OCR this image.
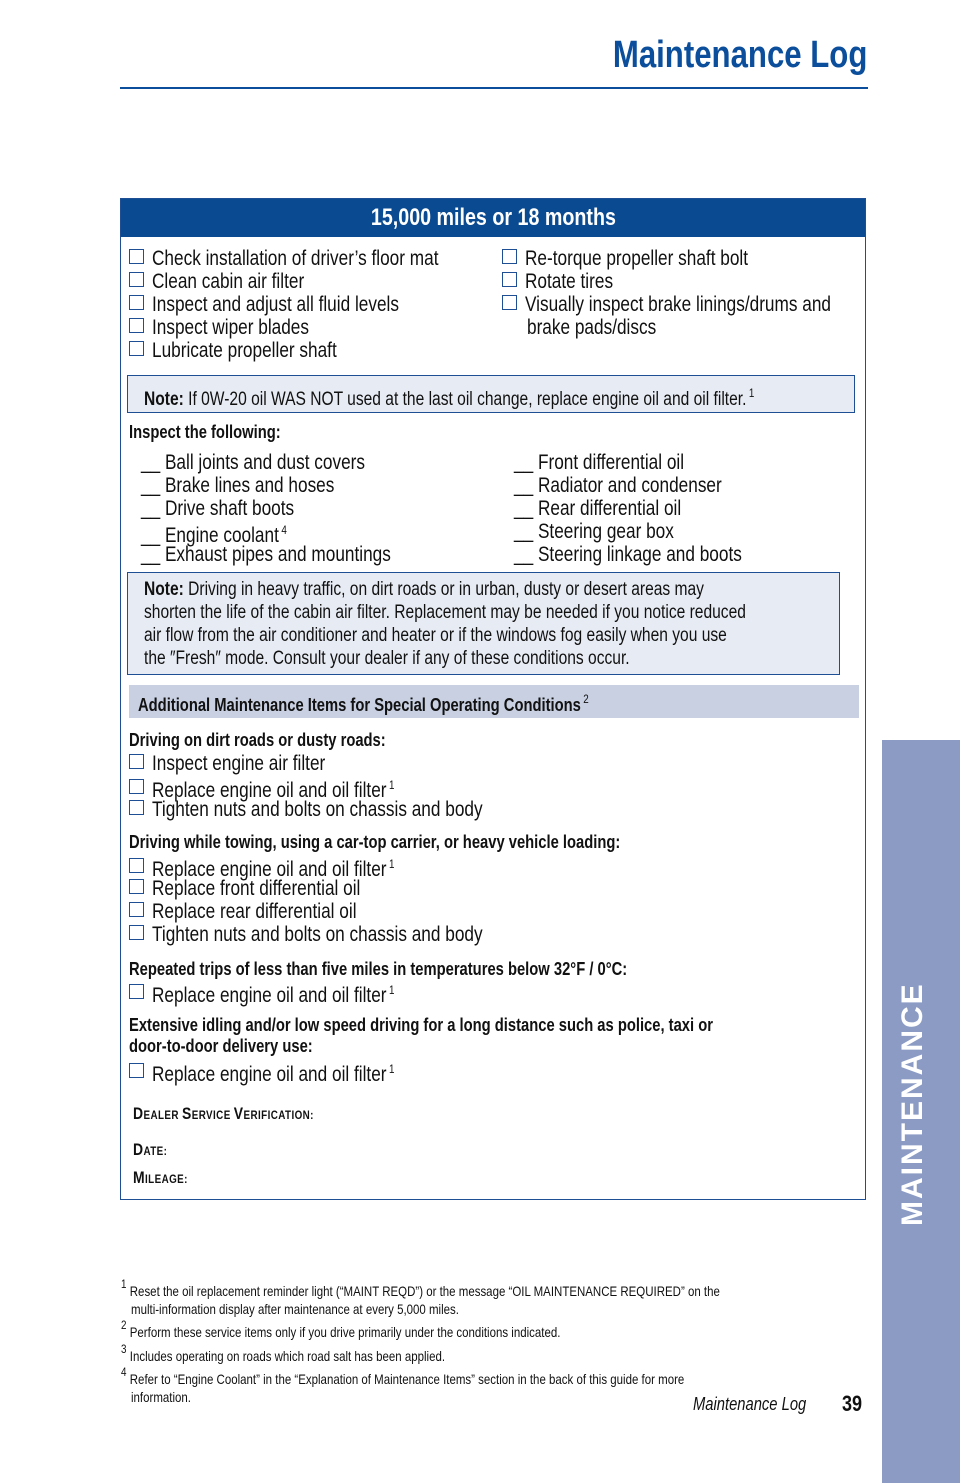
Maintenance Log
15,000 miles or 18 months
Check installation of driver’s floor mat
Clean cabin air filter
Inspect and adjust all fluid levels
Inspect wiper blades
Lubricate propeller shaft
Re-torque propeller shaft bolt
Rotate tires
Visually inspect brake linings/drums and
brake pads/discs
Note: If 0W-20 oil WAS NOT used at the last oil change, replace engine oil and oil filter. $^1$
Inspect the following:
__ Ball joints and dust covers
__ Brake lines and hoses
__ Drive shaft boots
__ Engine coolant $^4$
__ Exhaust pipes and mountings
__ Front differential oil
__ Radiator and condenser
__ Rear differential oil
__ Steering gear box
__ Steering linkage and boots
Note: Driving in heavy traffic, on dirt roads or in urban, dusty or desert areas may
shorten the life of the cabin air filter. Replacement may be needed if you notice reduced
air flow from the air conditioner and heater or if the windows fog easily when you use
the ″Fresh″ mode. Consult your dealer if any of these conditions occur.
Additional Maintenance Items for Special Operating Conditions $^2$
Driving on dirt roads or dusty roads:
Inspect engine air filter
Replace engine oil and oil filter $^1$
Tighten nuts and bolts on chassis and body
Driving while towing, using a car-top carrier, or heavy vehicle loading:
Replace engine oil and oil filter $^1$
Replace front differential oil
Replace rear differential oil
Tighten nuts and bolts on chassis and body
Repeated trips of less than five miles in temperatures below 32°F / 0°C:
Replace engine oil and oil filter $^1$
Extensive idling and/or low speed driving for a long distance such as police, taxi or
door-to-door delivery use:
Replace engine oil and oil filter $^1$
DEALER SERVICE VERIFICATION:
DATE:
MILEAGE:
$^1$ Reset the oil replacement reminder light (“MAINT REQD”) or the message “OIL MAINTENANCE REQUIRED” on the
multi-information display after maintenance at every 5,000 miles.
$^2$ Perform these service items only if you drive primarily under the conditions indicated.
$^3$ Includes operating on roads which road salt has been applied.
$^4$ Refer to “Engine Coolant” in the “Explanation of Maintenance Items” section in the back of this guide for more
information.
MAINTENANCE
Maintenance Log	39
